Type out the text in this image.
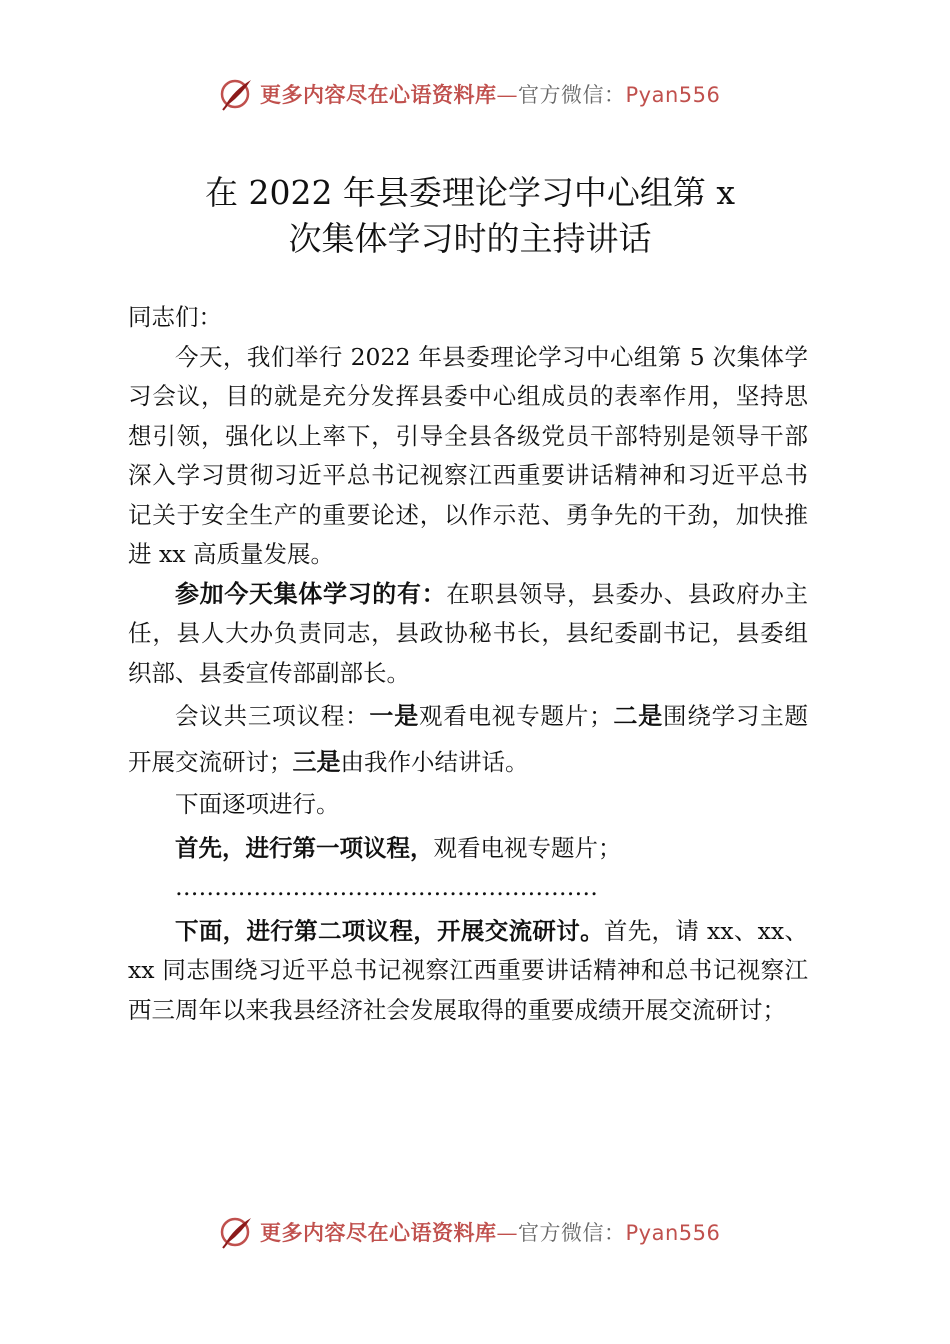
更多内容尽在心语资料库—官方微信：Pyan556
在 2022 年县委理论学习中心组第 x
次集体学习时的主持讲话

同志们：

今天，我们举行 2022 年县委理论学习中心组第 5 次集体学习会议，目的就是充分发挥县委中心组成员的表率作用，坚持思想引领，强化以上率下，引导全县各级党员干部特别是领导干部深入学习贯彻习近平总书记视察江西重要讲话精神和习近平总书记关于安全生产的重要论述，以作示范、勇争先的干劲，加快推进 xx 高质量发展。

参加今天集体学习的有：在职县领导，县委办、县政府办主任，县人大办负责同志，县政协秘书长，县纪委副书记，县委组织部、县委宣传部副部长。

会议共三项议程：一是观看电视专题片；二是围绕学习主题开展交流研讨；三是由我作小结讲话。

下面逐项进行。

首先，进行第一项议程，观看电视专题片；

………………………………………………

下面，进行第二项议程，开展交流研讨。首先，请 xx、xx、xx 同志围绕习近平总书记视察江西重要讲话精神和总书记视察江西三周年以来我县经济社会发展取得的重要成绩开展交流研讨；

更多内容尽在心语资料库—官方微信：Pyan556
